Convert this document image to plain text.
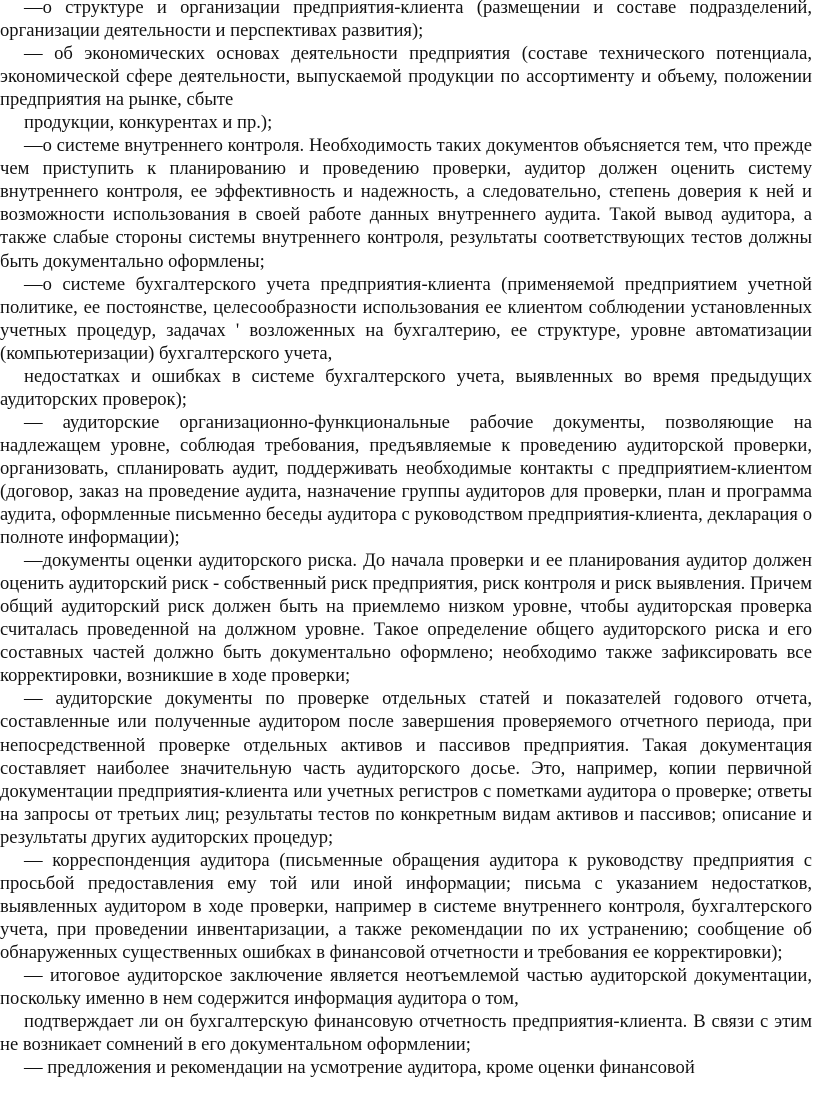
—о структуре и организации предприятия-клиента (размещении и составе подразделений, организации деятельности и перспективах развития);

— об экономических основах деятельности предприятия (составе технического потенциала, экономической сфере деятельности, выпускаемой продукции по ассортименту и объему, положении предприятия на рынке, сбыте

продукции, конкурентах и пр.);

—о системе внутреннего контроля. Необходимость таких документов объясняется тем, что прежде чем приступить к планированию и проведению проверки, аудитор должен оценить систему внутреннего контроля, ее эффективность и надежность, а следовательно, степень доверия к ней и возможности использования в своей работе данных внутреннего аудита. Такой вывод аудитора, а также слабые стороны системы внутреннего контроля, результаты соответствующих тестов должны быть документально оформлены;

—о системе бухгалтерского учета предприятия-клиента (применяемой предприятием учетной политике, ее постоянстве, целесообразности использования ее клиентом соблюдении установленных учетных процедур, задачах ' возложенных на бухгалтерию, ее структуре, уровне автоматизации (компьютеризации) бухгалтерского учета,

недостатках и ошибках в системе бухгалтерского учета, выявленных во время предыдущих аудиторских проверок);

— аудиторские организационно-функциональные рабочие документы, позволяющие на надлежащем уровне, соблюдая требования, предъявляемые к проведению аудиторской проверки, организовать, спланировать аудит, поддерживать необходимые контакты с предприятием-клиентом (договор, заказ на проведение аудита, назначение группы аудиторов для проверки, план и программа аудита, оформленные письменно беседы аудитора с руководством предприятия-клиента, декларация о полноте информации);

—документы оценки аудиторского риска. До начала проверки и ее планирования аудитор должен оценить аудиторский риск - собственный риск предприятия, риск контроля и риск выявления. Причем общий аудиторский риск должен быть на приемлемо низком уровне, чтобы аудиторская проверка считалась проведенной на должном уровне. Такое определение общего аудиторского риска и его составных частей должно быть документально оформлено; необходимо также зафиксировать все корректировки, возникшие в ходе проверки;

— аудиторские документы по проверке отдельных статей и показателей годового отчета, составленные или полученные аудитором после завершения проверяемого отчетного периода, при непосредственной проверке отдельных активов и пассивов предприятия. Такая документация составляет наиболее значительную часть аудиторского досье. Это, например, копии первичной документации предприятия-клиента или учетных регистров с пометками аудитора о проверке; ответы на запросы от третьих лиц; результаты тестов по конкретным видам активов и пассивов; описание и результаты других аудиторских процедур;

— корреспонденция аудитора (письменные обращения аудитора к руководству предприятия с просьбой предоставления ему той или иной информации; письма с указанием недостатков, выявленных аудитором в ходе проверки, например в системе внутреннего контроля, бухгалтерского учета, при проведении инвентаризации, а также рекомендации по их устранению; сообщение об обнаруженных существенных ошибках в финансовой отчетности и требования ее корректировки);

— итоговое аудиторское заключение является неотъемлемой частью аудиторской документации, поскольку именно в нем содержится информация аудитора о том,

подтверждает ли он бухгалтерскую финансовую отчетность предприятия-клиента. В связи с этим не возникает сомнений в его документальном оформлении;

— предложения и рекомендации на усмотрение аудитора, кроме оценки финансовой
